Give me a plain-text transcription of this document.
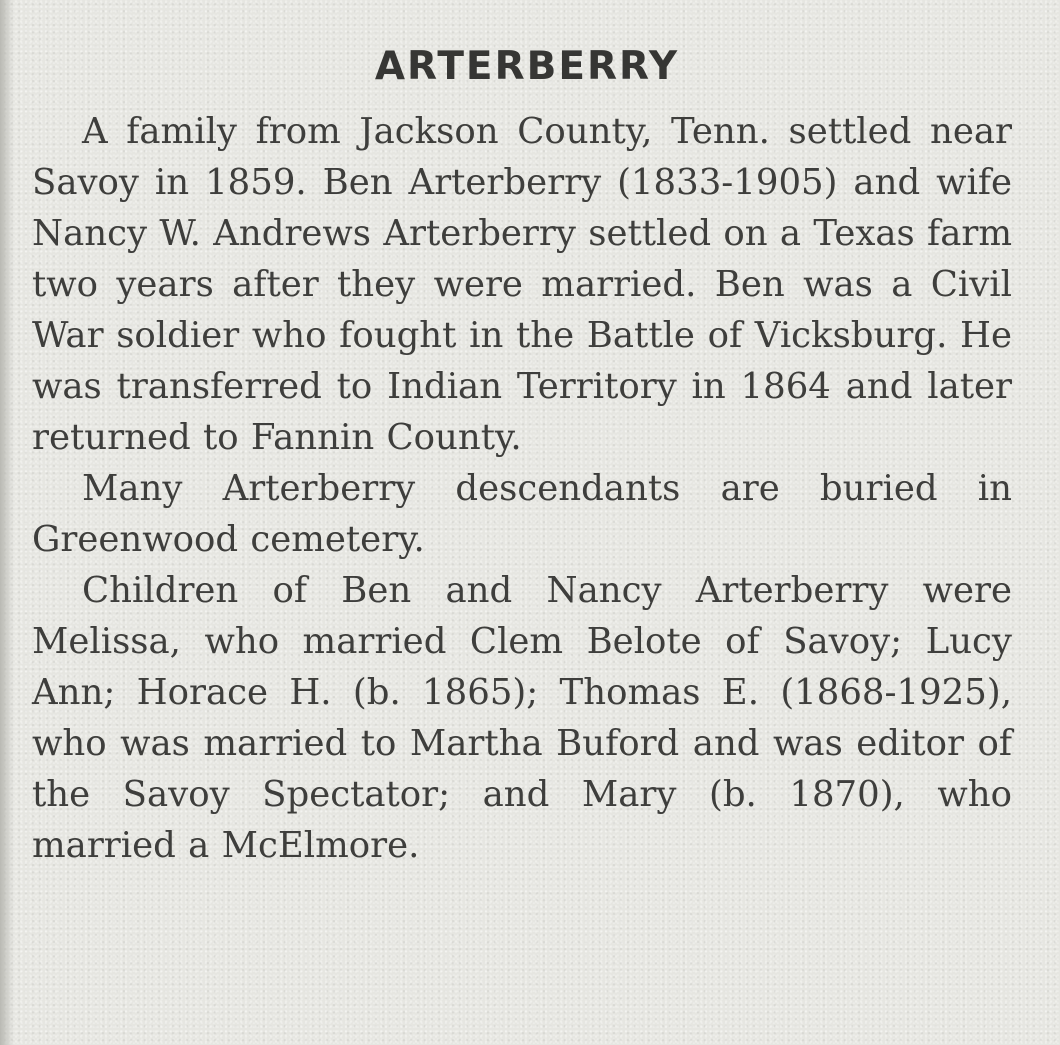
ARTERBERRY

A family from Jackson County, Tenn. settled near Savoy in 1859. Ben Arterberry (1833-1905) and wife Nancy W. Andrews Arterberry settled on a Texas farm two years after they were married. Ben was a Civil War soldier who fought in the Battle of Vicksburg. He was transferred to Indian Territory in 1864 and later returned to Fannin County.

Many Arterberry descendants are buried in Greenwood cemetery.

Children of Ben and Nancy Arterberry were Melissa, who married Clem Belote of Savoy; Lucy Ann; Horace H. (b. 1865); Thomas E. (1868-1925), who was married to Martha Buford and was editor of the Savoy Spectator; and Mary (b. 1870), who married a McElmore.
